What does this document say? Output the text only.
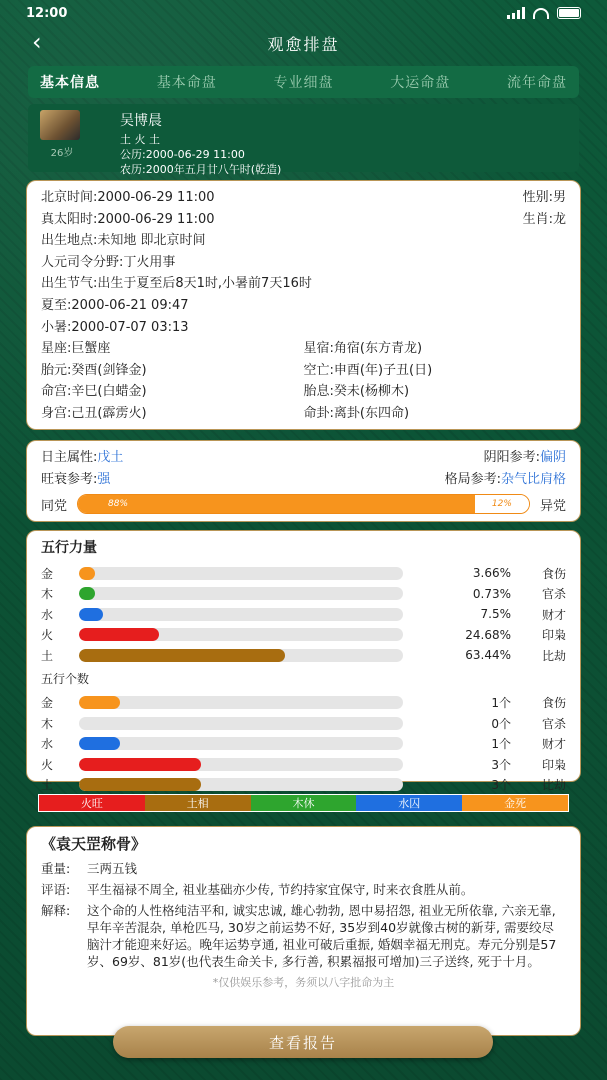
12:00
‹	观愈排盘
基本信息	基本命盘	专业细盘	大运命盘	流年命盘
26岁
吴博晨
土 火 土
公历:2000-06-29 11:00
农历:2000年五月廿八午时(乾造)
北京时间:2000-06-29 11:00	性别:男
真太阳时:2000-06-29 11:00	生肖:龙
出生地点:未知地 即北京时间
人元司令分野:丁火用事
出生节气:出生于夏至后8天1时,小暑前7天16时
夏至:2000-06-21 09:47
小暑:2000-07-07 03:13
星座:巨蟹座	星宿:角宿(东方青龙)
胎元:癸酉(剑锋金)	空亡:申酉(年)子丑(日)
命宫:辛巳(白蜡金)	胎息:癸未(杨柳木)
身宫:己丑(霹雳火)	命卦:离卦(东四命)
日主属性:戊土	阴阳参考:偏阴
旺衰参考:强	格局参考:杂气比肩格
同党	88%	12%	异党
五行力量
金	3.66%	食伤
木	0.73%	官杀
水	7.5%	财才
火	24.68%	印枭
土	63.44%	比劫
五行个数
金	1个	食伤
木	0个	官杀
水	1个	财才
火	3个	印枭
土	3个	比劫
火旺	土相	木休	水囚	金死
《袁天罡称骨》
重量:	三两五钱
评语:	平生福禄不周全, 祖业基础亦少传, 节约持家宜保守, 时来衣食胜从前。
解释:	这个命的人性格纯洁平和, 诚实忠诚, 雄心勃勃, 恩中易招怨, 祖业无所依靠, 六亲无靠, 早年辛苦混杂, 单枪匹马, 30岁之前运势不好, 35岁到40岁就像古树的新芽, 需要绞尽脑汁才能迎来好运。晚年运势亨通, 祖业可破后重振, 婚姻幸福无刑克。寿元分别是57岁、69岁、81岁(也代表生命关卡, 多行善, 积累福报可增加)三子送终, 死于十月。
*仅供娱乐参考，务须以八字批命为主
查看报告
